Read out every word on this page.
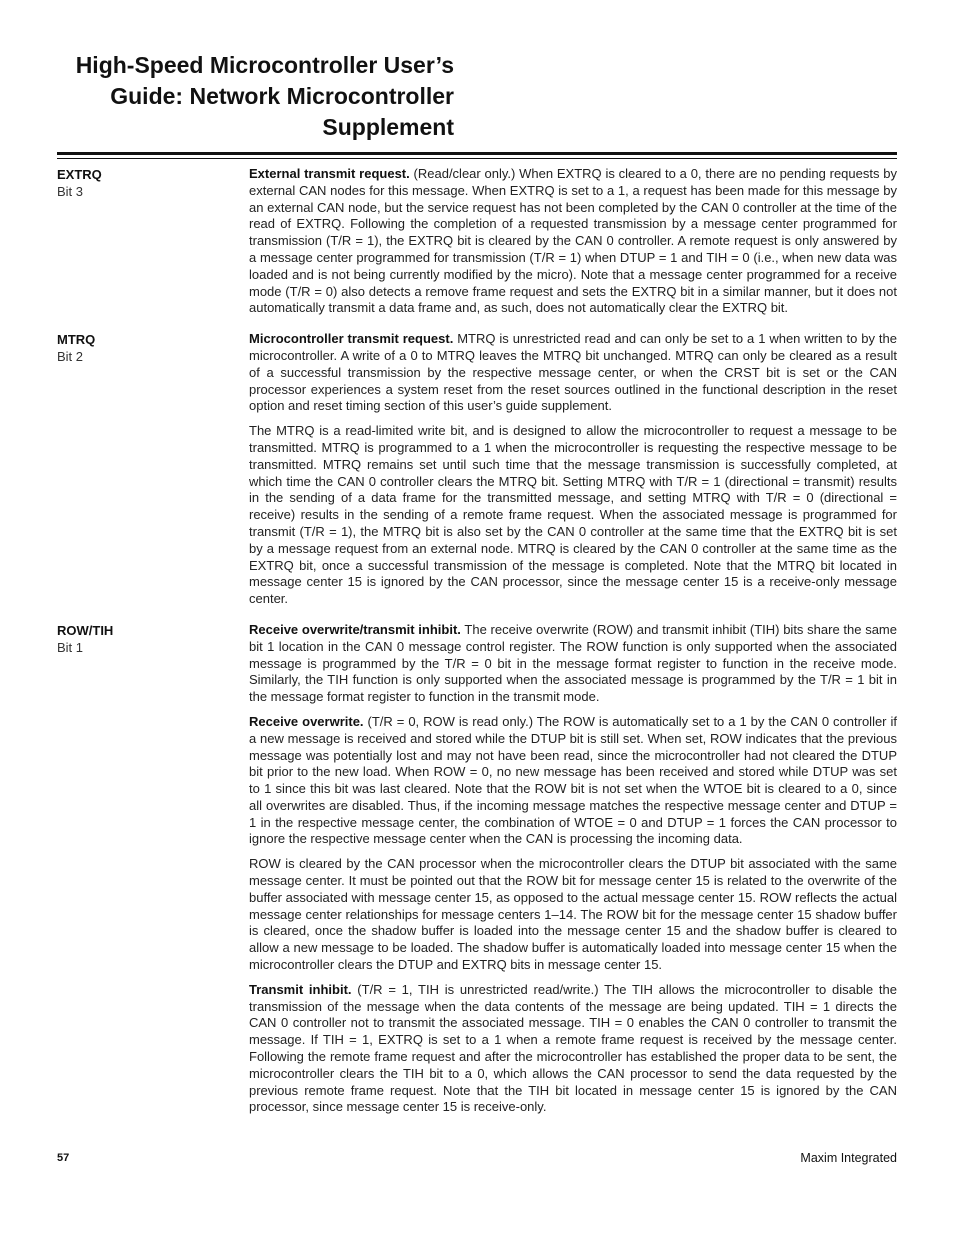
High-Speed Microcontroller User’s
Guide: Network Microcontroller
Supplement
EXTRQ
Bit 3

External transmit request. (Read/clear only.) When EXTRQ is cleared to a 0, there are no pending requests by external CAN nodes for this message. When EXTRQ is set to a 1, a request has been made for this message by an external CAN node, but the service request has not been completed by the CAN 0 controller at the time of the read of EXTRQ. Following the completion of a requested transmission by a message center programmed for transmission (T/R = 1), the EXTRQ bit is cleared by the CAN 0 controller. A remote request is only answered by a message center programmed for transmission (T/R = 1) when DTUP = 1 and TIH = 0 (i.e., when new data was loaded and is not being currently modified by the micro). Note that a message center programmed for a receive mode (T/R = 0) also detects a remove frame request and sets the EXTRQ bit in a similar manner, but it does not automatically transmit a data frame and, as such, does not automatically clear the EXTRQ bit.

MTRQ
Bit 2

Microcontroller transmit request. MTRQ is unrestricted read and can only be set to a 1 when written to by the microcontroller. A write of a 0 to MTRQ leaves the MTRQ bit unchanged. MTRQ can only be cleared as a result of a successful transmission by the respective message center, or when the CRST bit is set or the CAN processor experiences a system reset from the reset sources outlined in the functional description in the reset option and reset timing section of this user’s guide supplement.

The MTRQ is a read-limited write bit, and is designed to allow the microcontroller to request a message to be transmitted. MTRQ is programmed to a 1 when the microcontroller is requesting the respective message to be transmitted. MTRQ remains set until such time that the message transmission is successfully completed, at which time the CAN 0 controller clears the MTRQ bit. Setting MTRQ with T/R = 1 (directional = transmit) results in the sending of a data frame for the transmitted message, and setting MTRQ with T/R = 0 (directional = receive) results in the sending of a remote frame request. When the associated message is programmed for transmit (T/R = 1), the MTRQ bit is also set by the CAN 0 controller at the same time that the EXTRQ bit is set by a message request from an external node. MTRQ is cleared by the CAN 0 controller at the same time as the EXTRQ bit, once a successful transmission of the message is completed. Note that the MTRQ bit located in message center 15 is ignored by the CAN processor, since the message center 15 is a receive-only message center.

ROW/TIH
Bit 1

Receive overwrite/transmit inhibit. The receive overwrite (ROW) and transmit inhibit (TIH) bits share the same bit 1 location in the CAN 0 message control register. The ROW function is only supported when the associated message is programmed by the T/R = 0 bit in the message format register to function in the receive mode. Similarly, the TIH function is only supported when the associated message is programmed by the T/R = 1 bit in the message format register to function in the transmit mode.

Receive overwrite. (T/R = 0, ROW is read only.) The ROW is automatically set to a 1 by the CAN 0 controller if a new message is received and stored while the DTUP bit is still set. When set, ROW indicates that the previous message was potentially lost and may not have been read, since the microcontroller had not cleared the DTUP bit prior to the new load. When ROW = 0, no new message has been received and stored while DTUP was set to 1 since this bit was last cleared. Note that the ROW bit is not set when the WTOE bit is cleared to a 0, since all overwrites are disabled. Thus, if the incoming message matches the respective message center and DTUP = 1 in the respective message center, the combination of WTOE = 0 and DTUP = 1 forces the CAN processor to ignore the respective message center when the CAN is processing the incoming data.

ROW is cleared by the CAN processor when the microcontroller clears the DTUP bit associated with the same message center. It must be pointed out that the ROW bit for message center 15 is related to the overwrite of the buffer associated with message center 15, as opposed to the actual message center 15. ROW reflects the actual message center relationships for message centers 1–14. The ROW bit for the message center 15 shadow buffer is cleared, once the shadow buffer is loaded into the message center 15 and the shadow buffer is cleared to allow a new message to be loaded. The shadow buffer is automatically loaded into message center 15 when the microcontroller clears the DTUP and EXTRQ bits in message center 15.

Transmit inhibit. (T/R = 1, TIH is unrestricted read/write.) The TIH allows the microcontroller to disable the transmission of the message when the data contents of the message are being updated. TIH = 1 directs the CAN 0 controller not to transmit the associated message. TIH = 0 enables the CAN 0 controller to transmit the message. If TIH = 1, EXTRQ is set to a 1 when a remote frame request is received by the message center. Following the remote frame request and after the microcontroller has established the proper data to be sent, the microcontroller clears the TIH bit to a 0, which allows the CAN processor to send the data requested by the previous remote frame request. Note that the TIH bit located in message center 15 is ignored by the CAN processor, since message center 15 is receive-only.

57	Maxim Integrated
